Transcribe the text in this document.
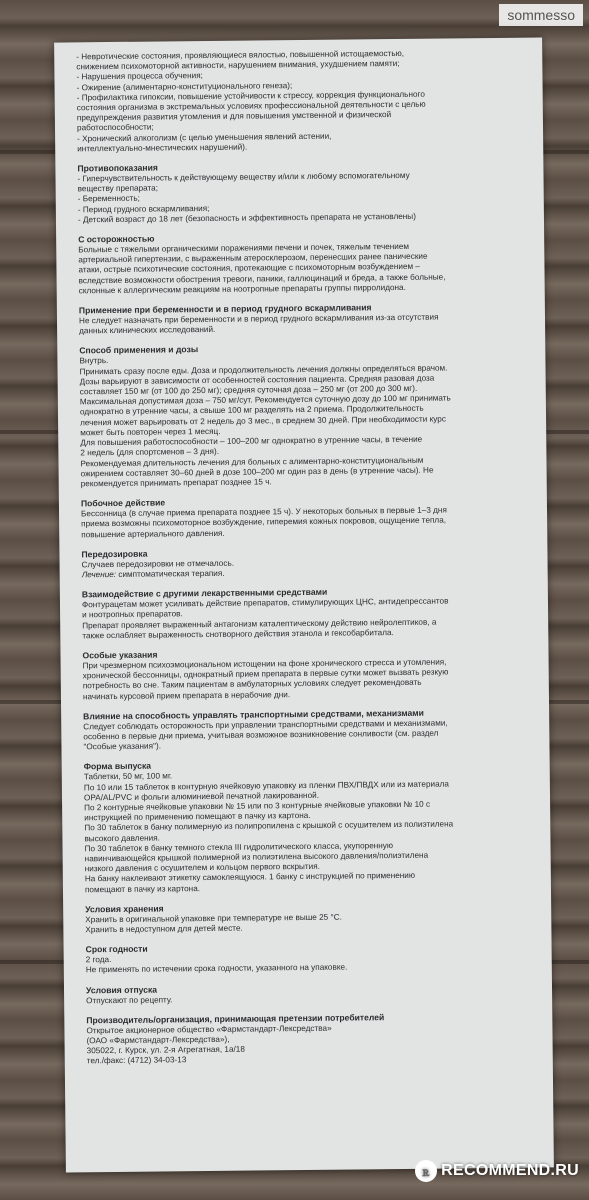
- Невротические состояния, проявляющиеся вялостью, повышенной истощаемостью,
снижением психомоторной активности, нарушением внимания, ухудшением памяти;
- Нарушения процесса обучения;
- Ожирение (алиментарно-конституционального генеза);
- Профилактика гипоксии, повышение устойчивости к стрессу, коррекция функционального
состояния организма в экстремальных условиях профессиональной деятельности с целью
предупреждения развития утомления и для повышения умственной и физической
работоспособности;
- Хронический алкоголизм (с целью уменьшения явлений астении,
интеллектуально-мнестических нарушений).
Противопоказания
- Гиперчувствительность к действующему веществу и/или к любому вспомогательному
веществу препарата;
- Беременность;
- Период грудного вскармливания;
- Детский возраст до 18 лет (безопасность и эффективность препарата не установлены)
С осторожностью
Больные с тяжелыми органическими поражениями печени и почек, тяжелым течением
артериальной гипертензии, с выраженным атеросклерозом, перенесших ранее панические
атаки, острые психотические состояния, протекающие с психомоторным возбуждением –
вследствие возможности обострения тревоги, паники, галлюцинаций и бреда, а также больные,
склонные к аллергическим реакциям на ноотропные препараты группы пирролидона.
Применение при беременности и в период грудного вскармливания
Не следует назначать при беременности и в период грудного вскармливания из-за отсутствия
данных клинических исследований.
Способ применения и дозы
Внутрь.
Принимать сразу после еды. Доза и продолжительность лечения должны определяться врачом.
Дозы варьируют в зависимости от особенностей состояния пациента. Средняя разовая доза
составляет 150 мг (от 100 до 250 мг); средняя суточная доза – 250 мг (от 200 до 300 мг).
Максимальная допустимая доза – 750 мг/сут. Рекомендуется суточную дозу до 100 мг принимать
однократно в утренние часы, а свыше 100 мг разделять на 2 приема. Продолжительность
лечения может варьировать от 2 недель до 3 мес., в среднем 30 дней. При необходимости курс
может быть повторен через 1 месяц.
Для повышения работоспособности – 100–200 мг однократно в утренние часы, в течение
2 недель (для спортсменов – 3 дня).
Рекомендуемая длительность лечения для больных с алиментарно-конституциональным
ожирением составляет 30–60 дней в дозе 100–200 мг один раз в день (в утренние часы). Не
рекомендуется принимать препарат позднее 15 ч.
Побочное действие
Бессонница (в случае приема препарата позднее 15 ч). У некоторых больных в первые 1–3 дня
приема возможны психомоторное возбуждение, гиперемия кожных покровов, ощущение тепла,
повышение артериального давления.
Передозировка
Случаев передозировки не отмечалось.
Лечение: симптоматическая терапия.
Взаимодействие с другими лекарственными средствами
Фонтурацетам может усиливать действие препаратов, стимулирующих ЦНС, антидепрессантов
и ноотропных препаратов.
Препарат проявляет выраженный антагонизм каталептическому действию нейролептиков, а
также ослабляет выраженность снотворного действия этанола и гексобарбитала.
Особые указания
При чрезмерном психоэмоциональном истощении на фоне хронического стресса и утомления,
хронической бессонницы, однократный прием препарата в первые сутки может вызвать резкую
потребность во сне. Таким пациентам в амбулаторных условиях следует рекомендовать
начинать курсовой прием препарата в нерабочие дни.
Влияние на способность управлять транспортными средствами, механизмами
Следует соблюдать осторожность при управлении транспортными средствами и механизмами,
особенно в первые дни приема, учитывая возможное возникновение сонливости (см. раздел
"Особые указания").
Форма выпуска
Таблетки, 50 мг, 100 мг.
По 10 или 15 таблеток в контурную ячейковую упаковку из пленки ПВХ/ПВДХ или из материала
OPA/AL/PVC и фольги алюминиевой печатной лакированной.
По 2 контурные ячейковые упаковки № 15 или по 3 контурные ячейковые упаковки № 10 с
инструкцией по применению помещают в пачку из картона.
По 30 таблеток в банку полимерную из полипропилена с крышкой с осушителем из полиэтилена
высокого давления.
По 30 таблеток в банку темного стекла III гидролитического класса, укупоренную
навинчивающейся крышкой полимерной из полиэтилена высокого давления/полиэтилена
низкого давления с осушителем и кольцом первого вскрытия.
На банку наклеивают этикетку самоклеящуюся. 1 банку с инструкцией по применению
помещают в пачку из картона.
Условия хранения
Хранить в оригинальной упаковке при температуре не выше 25 °С.
Хранить в недоступном для детей месте.
Срок годности
2 года.
Не применять по истечении срока годности, указанного на упаковке.
Условия отпуска
Отпускают по рецепту.
Производитель/организация, принимающая претензии потребителей
Открытое акционерное общество «Фармстандарт-Лексредства»
(ОАО «Фармстандарт-Лексредства»),
305022, г. Курск, ул. 2-я Агрегатная, 1а/18
тел./факс: (4712) 34-03-13
sommesso
ꭱ RECOMMEND.RU
